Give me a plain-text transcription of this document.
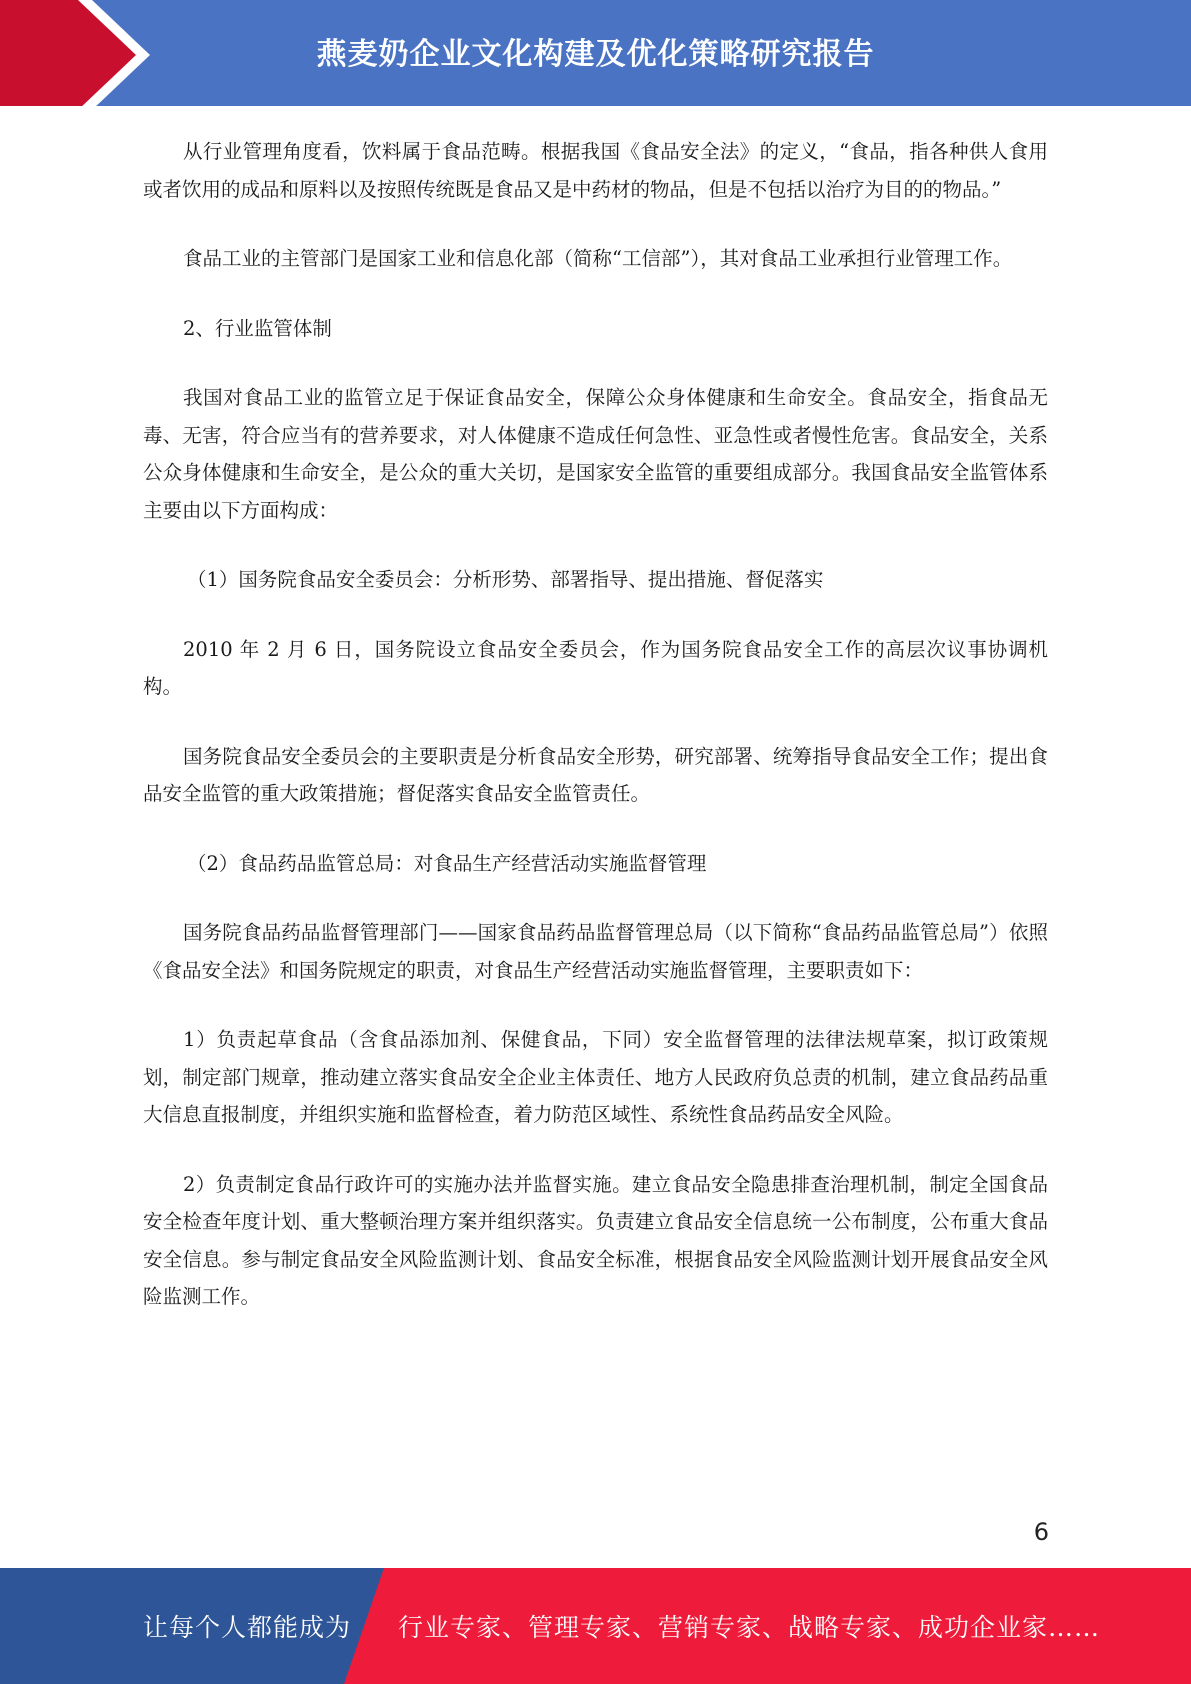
燕麦奶企业文化构建及优化策略研究报告

从行业管理角度看，饮料属于食品范畴。根据我国《食品安全法》的定义，“食品，指各种供人食用或者饮用的成品和原料以及按照传统既是食品又是中药材的物品，但是不包括以治疗为目的的物品。”

食品工业的主管部门是国家工业和信息化部（简称“工信部”），其对食品工业承担行业管理工作。

2、行业监管体制

我国对食品工业的监管立足于保证食品安全，保障公众身体健康和生命安全。食品安全，指食品无毒、无害，符合应当有的营养要求，对人体健康不造成任何急性、亚急性或者慢性危害。食品安全，关系公众身体健康和生命安全，是公众的重大关切，是国家安全监管的重要组成部分。我国食品安全监管体系主要由以下方面构成：

（1）国务院食品安全委员会：分析形势、部署指导、提出措施、督促落实

2010 年 2 月 6 日，国务院设立食品安全委员会，作为国务院食品安全工作的高层次议事协调机构。

国务院食品安全委员会的主要职责是分析食品安全形势，研究部署、统筹指导食品安全工作；提出食品安全监管的重大政策措施；督促落实食品安全监管责任。

（2）食品药品监管总局：对食品生产经营活动实施监督管理

国务院食品药品监督管理部门——国家食品药品监督管理总局（以下简称“食品药品监管总局”）依照《食品安全法》和国务院规定的职责，对食品生产经营活动实施监督管理，主要职责如下：

1）负责起草食品（含食品添加剂、保健食品，下同）安全监督管理的法律法规草案，拟订政策规划，制定部门规章，推动建立落实食品安全企业主体责任、地方人民政府负总责的机制，建立食品药品重大信息直报制度，并组织实施和监督检查，着力防范区域性、系统性食品药品安全风险。

2）负责制定食品行政许可的实施办法并监督实施。建立食品安全隐患排查治理机制，制定全国食品安全检查年度计划、重大整顿治理方案并组织落实。负责建立食品安全信息统一公布制度，公布重大食品安全信息。参与制定食品安全风险监测计划、食品安全标准，根据食品安全风险监测计划开展食品安全风险监测工作。

6
让每个人都能成为 行业专家、管理专家、营销专家、战略专家、成功企业家……
